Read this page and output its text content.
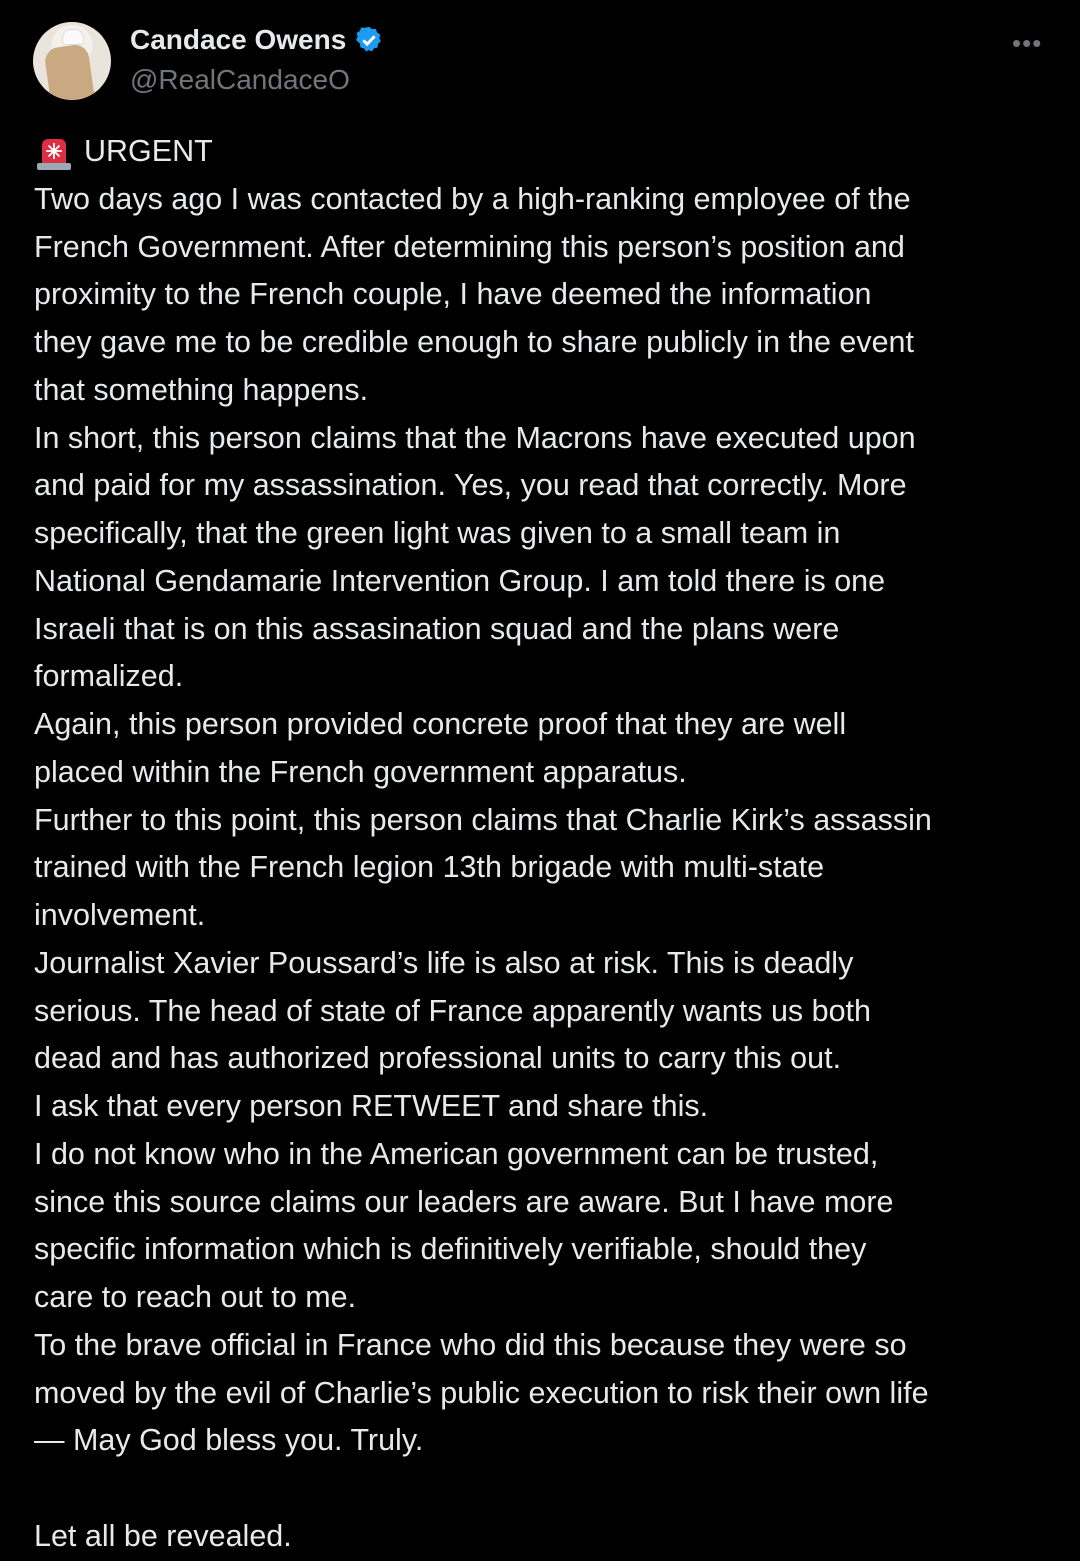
Candace Owens
@RealCandaceO
•••
URGENT
Two days ago I was contacted by a high-ranking employee of the
French Government. After determining this person’s position and
proximity to the French couple, I have deemed the information
they gave me to be credible enough to share publicly in the event
that something happens.
In short, this person claims that the Macrons have executed upon
and paid for my assassination. Yes, you read that correctly. More
specifically, that the green light was given to a small team in
National Gendamarie Intervention Group. I am told there is one
Israeli that is on this assasination squad and the plans were
formalized.
Again, this person provided concrete proof that they are well
placed within the French government apparatus.
Further to this point, this person claims that Charlie Kirk’s assassin
trained with the French legion 13th brigade with multi-state
involvement.
Journalist Xavier Poussard’s life is also at risk. This is deadly
serious. The head of state of France apparently wants us both
dead and has authorized professional units to carry this out.
I ask that every person RETWEET and share this.
I do not know who in the American government can be trusted,
since this source claims our leaders are aware. But I have more
specific information which is definitively verifiable, should they
care to reach out to me.
To the brave official in France who did this because they were so
moved by the evil of Charlie’s public execution to risk their own life
— May God bless you. Truly.
Let all be revealed.
